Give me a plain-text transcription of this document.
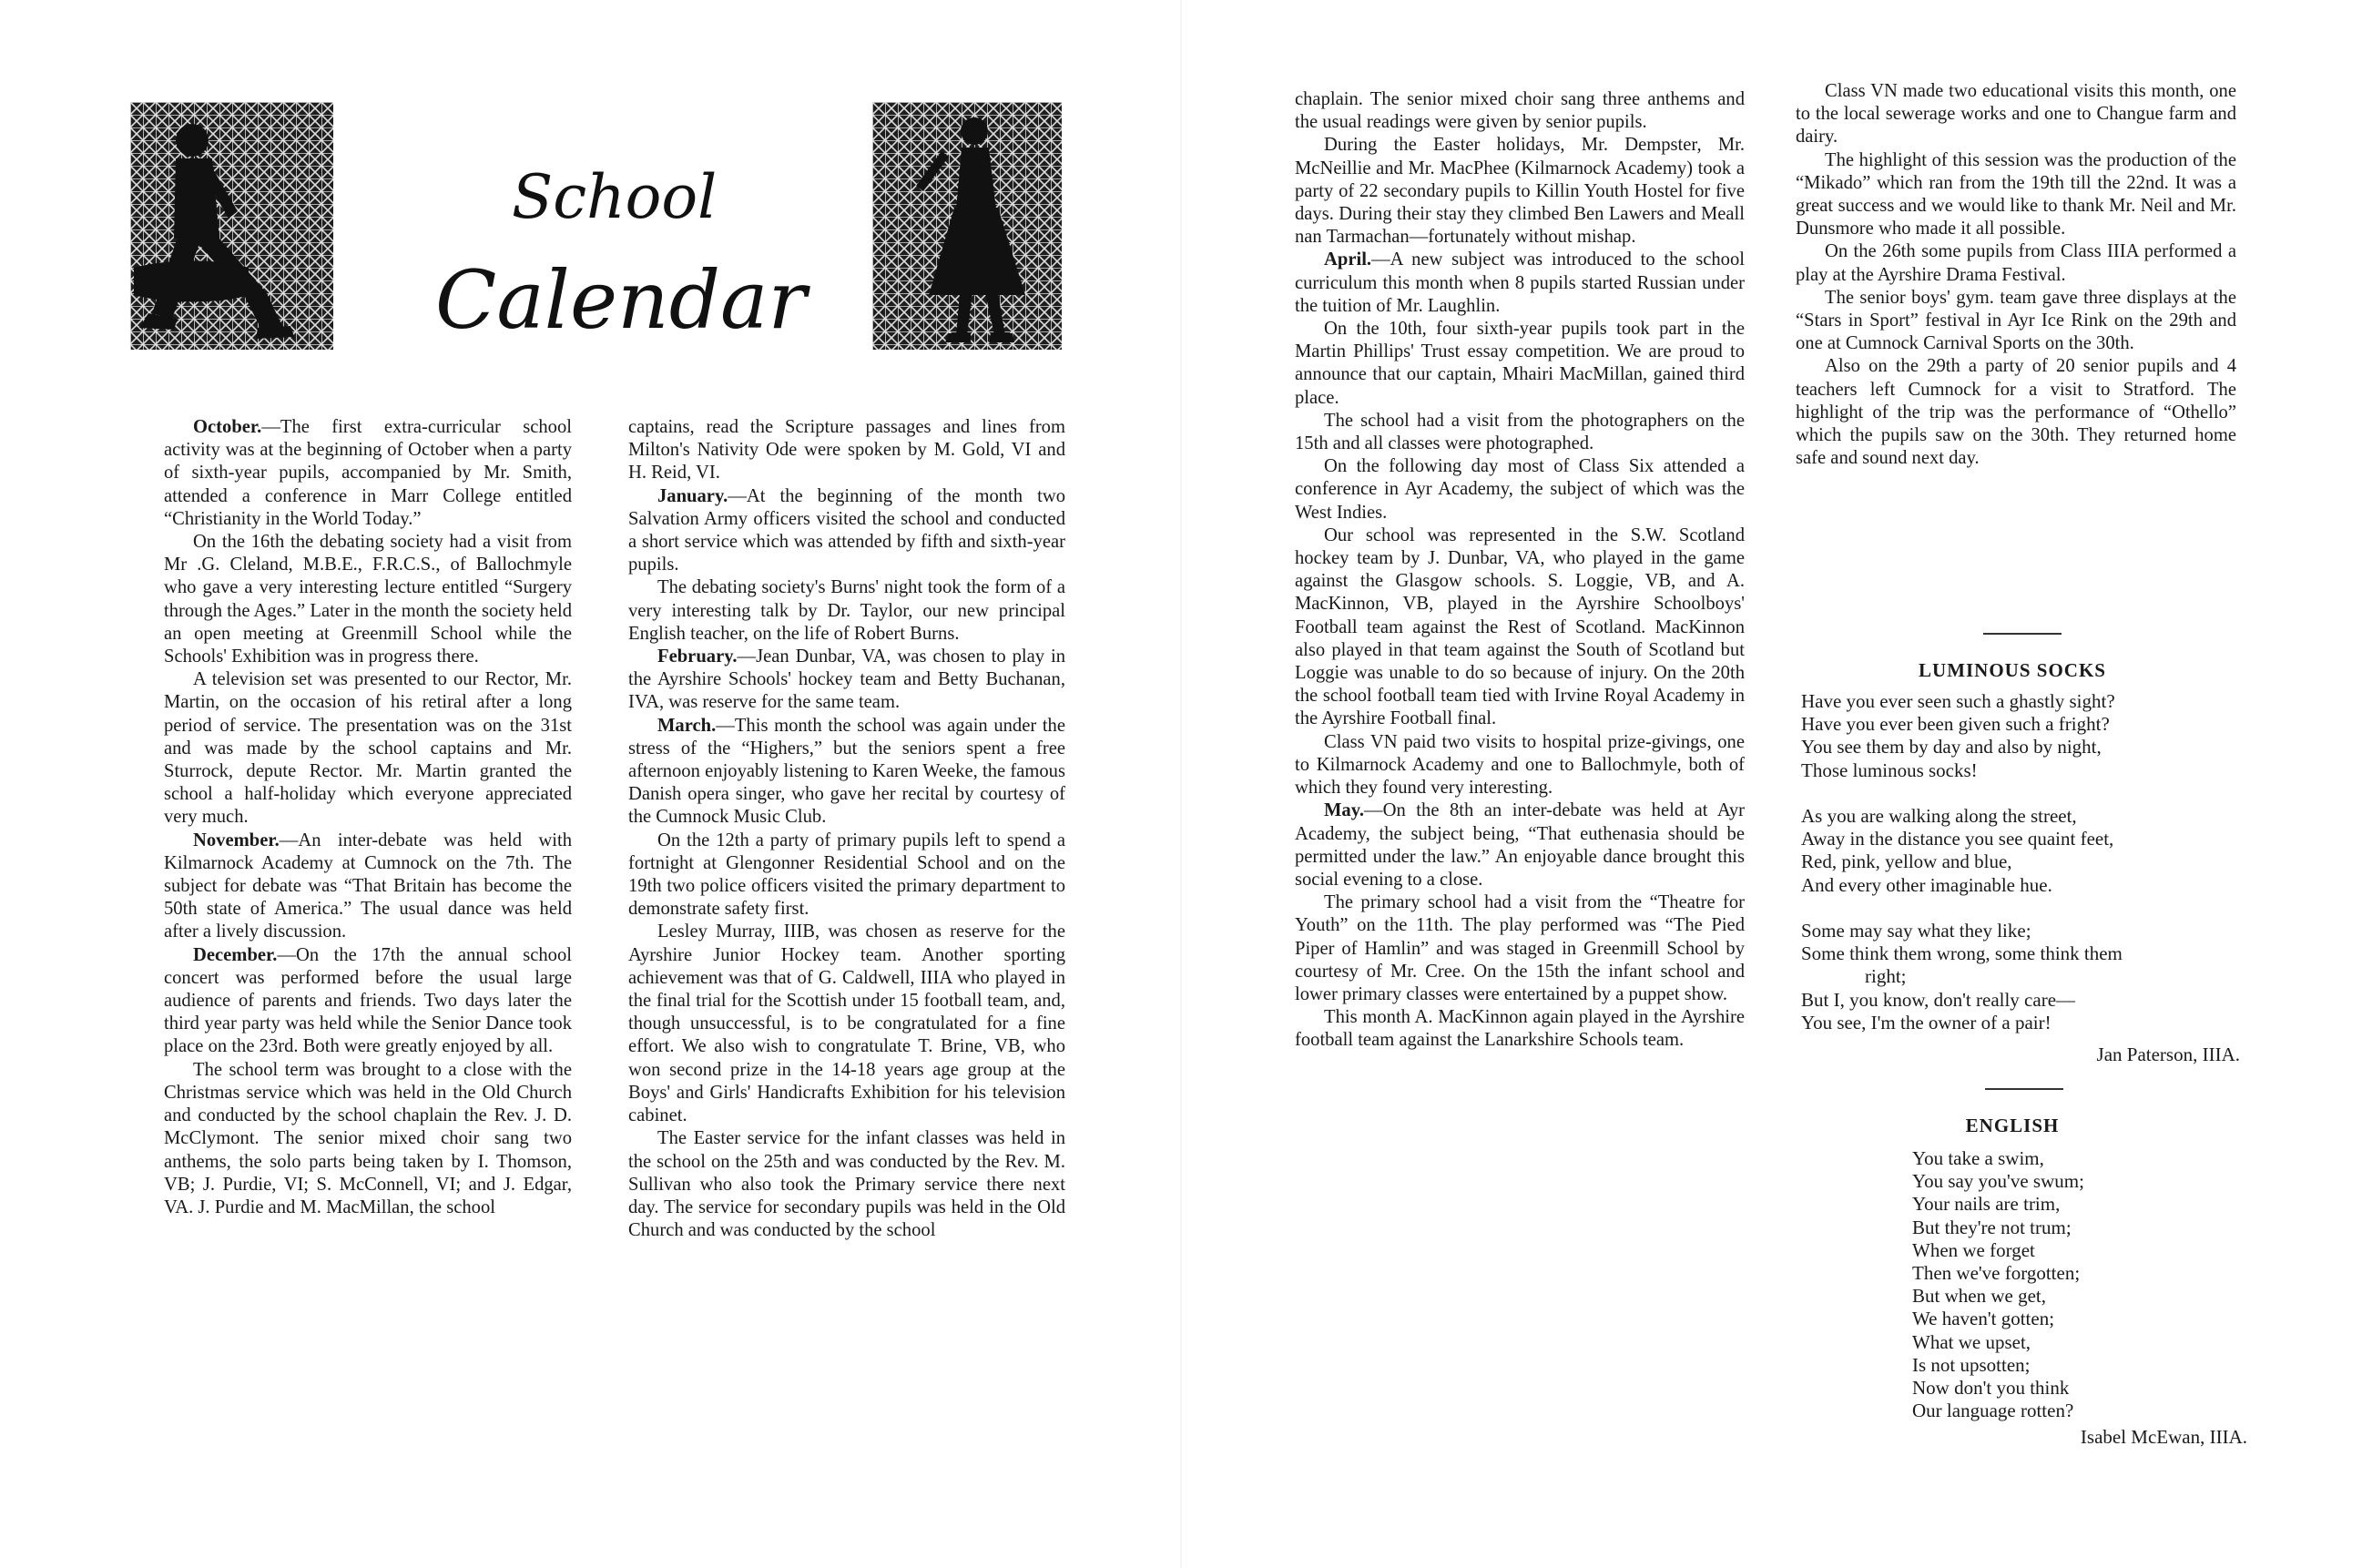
School
Calendar

October.—The first extra-curricular school activity was at the beginning of October when a party of sixth-year pupils, accompanied by Mr. Smith, attended a conference in Marr College entitled “Christianity in the World Today.”

On the 16th the debating society had a visit from Mr .G. Cleland, M.B.E., F.R.C.S., of Ballochmyle who gave a very interesting lecture entitled “Surgery through the Ages.” Later in the month the society held an open meeting at Greenmill School while the Schools' Exhibition was in progress there.

A television set was presented to our Rector, Mr. Martin, on the occasion of his retiral after a long period of service. The presentation was on the 31st and was made by the school captains and Mr. Sturrock, depute Rector. Mr. Martin granted the school a half-holiday which everyone appreciated very much.

November.—An inter-debate was held with Kilmarnock Academy at Cumnock on the 7th. The subject for debate was “That Britain has become the 50th state of America.” The usual dance was held after a lively discussion.

December.—On the 17th the annual school concert was performed before the usual large audience of parents and friends. Two days later the third year party was held while the Senior Dance took place on the 23rd. Both were greatly enjoyed by all.

The school term was brought to a close with the Christmas service which was held in the Old Church and conducted by the school chaplain the Rev. J. D. McClymont. The senior mixed choir sang two anthems, the solo parts being taken by I. Thomson, VB; J. Purdie, VI; S. McConnell, VI; and J. Edgar, VA. J. Purdie and M. MacMillan, the school

captains, read the Scripture passages and lines from Milton's Nativity Ode were spoken by M. Gold, VI and H. Reid, VI.

January.—At the beginning of the month two Salvation Army officers visited the school and conducted a short service which was attended by fifth and sixth-year pupils.

The debating society's Burns' night took the form of a very interesting talk by Dr. Taylor, our new principal English teacher, on the life of Robert Burns.

February.—Jean Dunbar, VA, was chosen to play in the Ayrshire Schools' hockey team and Betty Buchanan, IVA, was reserve for the same team.

March.—This month the school was again under the stress of the “Highers,” but the seniors spent a free afternoon enjoyably listening to Karen Weeke, the famous Danish opera singer, who gave her recital by courtesy of the Cumnock Music Club.

On the 12th a party of primary pupils left to spend a fortnight at Glengonner Residential School and on the 19th two police officers visited the primary department to demonstrate safety first.

Lesley Murray, IIIB, was chosen as reserve for the Ayrshire Junior Hockey team. Another sporting achievement was that of G. Caldwell, IIIA who played in the final trial for the Scottish under 15 football team, and, though unsuccessful, is to be congratulated for a fine effort. We also wish to congratulate T. Brine, VB, who won second prize in the 14-18 years age group at the Boys' and Girls' Handicrafts Exhibition for his television cabinet.

The Easter service for the infant classes was held in the school on the 25th and was conducted by the Rev. M. Sullivan who also took the Primary service there next day. The service for secondary pupils was held in the Old Church and was conducted by the school

chaplain. The senior mixed choir sang three anthems and the usual readings were given by senior pupils.

During the Easter holidays, Mr. Dempster, Mr. McNeillie and Mr. MacPhee (Kilmarnock Academy) took a party of 22 secondary pupils to Killin Youth Hostel for five days. During their stay they climbed Ben Lawers and Meall nan Tarmachan—fortunately without mishap.

April.—A new subject was introduced to the school curriculum this month when 8 pupils started Russian under the tuition of Mr. Laughlin.

On the 10th, four sixth-year pupils took part in the Martin Phillips' Trust essay competition. We are proud to announce that our captain, Mhairi MacMillan, gained third place.

The school had a visit from the photographers on the 15th and all classes were photographed.

On the following day most of Class Six attended a conference in Ayr Academy, the subject of which was the West Indies.

Our school was represented in the S.W. Scotland hockey team by J. Dunbar, VA, who played in the game against the Glasgow schools. S. Loggie, VB, and A. MacKinnon, VB, played in the Ayrshire Schoolboys' Football team against the Rest of Scotland. MacKinnon also played in that team against the South of Scotland but Loggie was unable to do so because of injury. On the 20th the school football team tied with Irvine Royal Academy in the Ayrshire Football final.

Class VN paid two visits to hospital prize-givings, one to Kilmarnock Academy and one to Ballochmyle, both of which they found very interesting.

May.—On the 8th an inter-debate was held at Ayr Academy, the subject being, “That euthenasia should be permitted under the law.” An enjoyable dance brought this social evening to a close.

The primary school had a visit from the “Theatre for Youth” on the 11th. The play performed was “The Pied Piper of Hamlin” and was staged in Greenmill School by courtesy of Mr. Cree. On the 15th the infant school and lower primary classes were entertained by a puppet show.

This month A. MacKinnon again played in the Ayrshire football team against the Lanarkshire Schools team.

Class VN made two educational visits this month, one to the local sewerage works and one to Changue farm and dairy.

The highlight of this session was the production of the “Mikado” which ran from the 19th till the 22nd. It was a great success and we would like to thank Mr. Neil and Mr. Dunsmore who made it all possible.

On the 26th some pupils from Class IIIA performed a play at the Ayrshire Drama Festival.

The senior boys' gym. team gave three displays at the “Stars in Sport” festival in Ayr Ice Rink on the 29th and one at Cumnock Carnival Sports on the 30th.

Also on the 29th a party of 20 senior pupils and 4 teachers left Cumnock for a visit to Stratford. The highlight of the trip was the performance of “Othello” which the pupils saw on the 30th. They returned home safe and sound next day.

LUMINOUS SOCKS
Have you ever seen such a ghastly sight?
Have you ever been given such a fright?
You see them by day and also by night,
Those luminous socks!

As you are walking along the street,
Away in the distance you see quaint feet,
Red, pink, yellow and blue,
And every other imaginable hue.

Some may say what they like;
Some think them wrong, some think them
right;
But I, you know, don't really care—
You see, I'm the owner of a pair!
Jan Paterson, IIIA.
ENGLISH
You take a swim,
You say you've swum;
Your nails are trim,
But they're not trum;
When we forget
Then we've forgotten;
But when we get,
We haven't gotten;
What we upset,
Is not upsotten;
Now don't you think
Our language rotten?
Isabel McEwan, IIIA.
